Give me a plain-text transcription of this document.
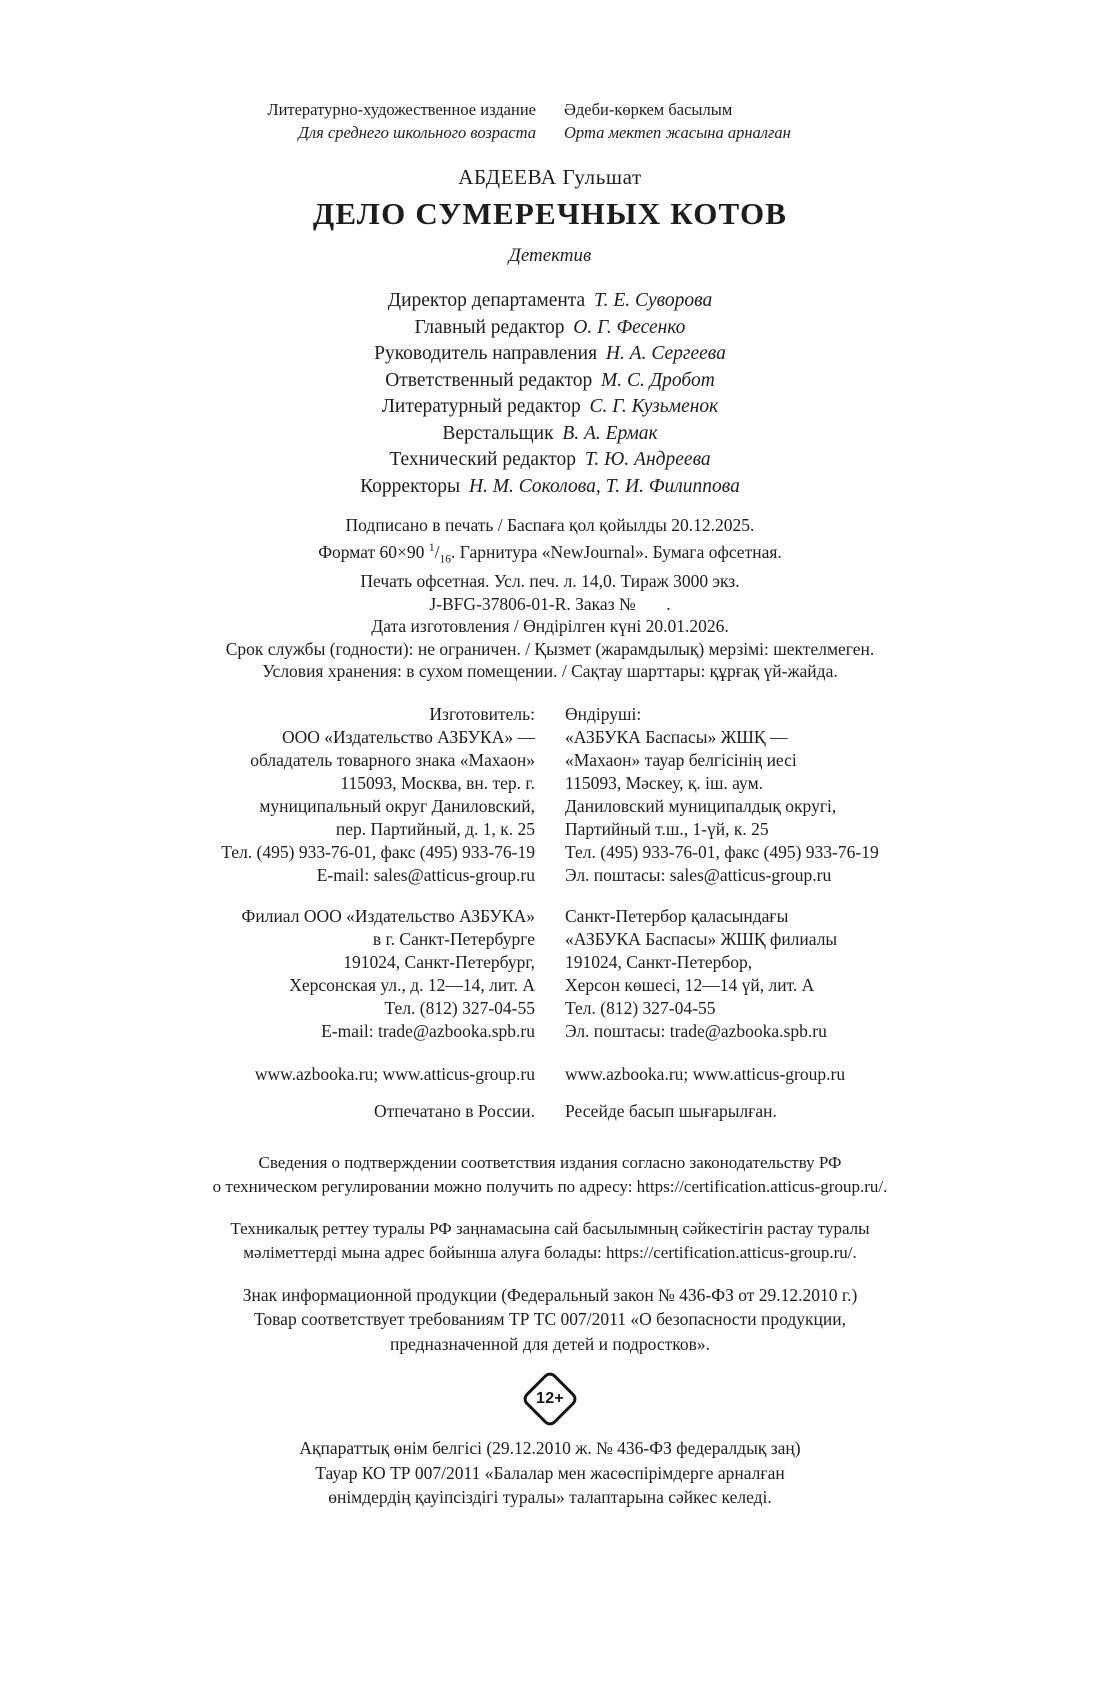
Литературно-художественное издание
Для среднего школьного возраста
Әдеби-көркем басылым
Орта мектеп жасына арналған
АБДЕЕВА Гульшат
ДЕЛО СУМЕРЕЧНЫХ КОТОВ
Детектив
Директор департамента Т. Е. Суворова
Главный редактор О. Г. Фесенко
Руководитель направления Н. А. Сергеева
Ответственный редактор М. С. Дробот
Литературный редактор С. Г. Кузьменок
Верстальщик В. А. Ермак
Технический редактор Т. Ю. Андреева
Корректоры Н. М. Соколова, Т. И. Филиппова
Подписано в печать / Баспаға қол қойылды 20.12.2025.
Формат 60×90 $^1/_{16}$. Гарнитура «NewJournal». Бумага офсетная.
Печать офсетная. Усл. печ. л. 14,0. Тираж 3000 экз.
J-BFG-37806-01-R. Заказ №       .
Дата изготовления / Өндірілген күні 20.01.2026.
Срок службы (годности): не ограничен. / Қызмет (жарамдылық) мерзімі: шектелмеген.
Условия хранения: в сухом помещении. / Сақтау шарттары: құрғақ үй-жайда.
Изготовитель:
ООО «Издательство АЗБУКА» —
обладатель товарного знака «Махаон»
115093, Москва, вн. тер. г.
муниципальный округ Даниловский,
пер. Партийный, д. 1, к. 25
Тел. (495) 933-76-01, факс (495) 933-76-19
E-mail: sales@atticus-group.ru
Өндіруші:
«АЗБУКА Баспасы» ЖШҚ —
«Махаон» тауар белгісінің иесі
115093, Мәскеу, қ. іш. аум.
Даниловский муниципалдық округі,
Партийный т.ш., 1-үй, к. 25
Тел. (495) 933-76-01, факс (495) 933-76-19
Эл. поштасы: sales@atticus-group.ru
Филиал ООО «Издательство АЗБУКА»
в г. Санкт-Петербурге
191024, Санкт-Петербург,
Херсонская ул., д. 12—14, лит. А
Тел. (812) 327-04-55
E-mail: trade@azbooka.spb.ru
Санкт-Петербор қаласындағы
«АЗБУКА Баспасы» ЖШҚ филиалы
191024, Санкт-Петербор,
Херсон көшесі, 12—14 үй, лит. А
Тел. (812) 327-04-55
Эл. поштасы: trade@azbooka.spb.ru
www.azbooka.ru; www.atticus-group.ru	www.azbooka.ru; www.atticus-group.ru
Отпечатано в России.	Ресейде басып шығарылған.
Сведения о подтверждении соответствия издания согласно законодательству РФ
о техническом регулировании можно получить по адресу: https://certification.atticus-group.ru/.
Техникалық реттеу туралы РФ заңнамасына сай басылымның сәйкестігін растау туралы
мәліметтерді мына адрес бойынша алуға болады: https://certification.atticus-group.ru/.
Знак информационной продукции (Федеральный закон № 436-ФЗ от 29.12.2010 г.)
Товар соответствует требованиям ТР ТС 007/2011 «О безопасности продукции,
предназначенной для детей и подростков».
12+
Ақпараттық өнім белгісі (29.12.2010 ж. № 436-ФЗ федералдық заң)
Тауар КО ТР 007/2011 «Балалар мен жасөспірімдерге арналған
өнімдердің қауіпсіздігі туралы» талаптарына сәйкес келеді.
